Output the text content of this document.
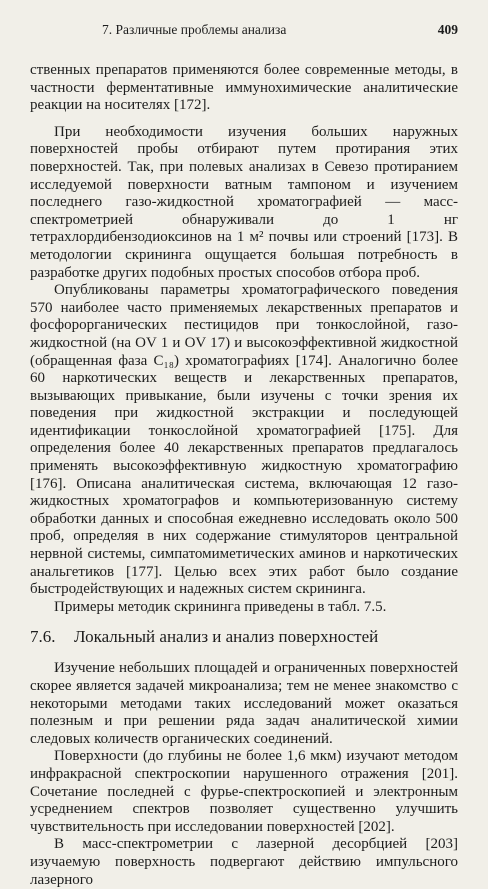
7. Различные проблемы анализа	409

ственных препаратов применяются более современные методы, в частности ферментативные иммунохимические аналитические реакции на носителях [172].

При необходимости изучения больших наружных поверхностей пробы отбирают путем протирания этих поверхностей. Так, при полевых анализах в Севезо протиранием исследуемой поверхности ватным тампоном и изучением последнего газо-жидкостной хроматографией — масс-спектрометрией обнаруживали до 1 нг тетрахлордибензодиоксинов на 1 м² почвы или строений [173]. В методологии скрининга ощущается большая потребность в разработке других подобных простых способов отбора проб.

Опубликованы параметры хроматографического поведения 570 наиболее часто применяемых лекарственных препаратов и фосфорорганических пестицидов при тонкослойной, газо-жидкостной (на OV 1 и OV 17) и высокоэффективной жидкостной (обращенная фаза C₁₈) хроматографиях [174]. Аналогично более 60 наркотических веществ и лекарственных препаратов, вызывающих привыкание, были изучены с точки зрения их поведения при жидкостной экстракции и последующей идентификации тонкослойной хроматографией [175]. Для определения более 40 лекарственных препаратов предлагалось применять высокоэффективную жидкостную хроматографию [176]. Описана аналитическая система, включающая 12 газо-жидкостных хроматографов и компьютеризованную систему обработки данных и способная ежедневно исследовать около 500 проб, определяя в них содержание стимуляторов центральной нервной системы, симпатомиметических аминов и наркотических анальгетиков [177]. Целью всех этих работ было создание быстродействующих и надежных систем скрининга.

Примеры методик скрининга приведены в табл. 7.5.

7.6. Локальный анализ и анализ поверхностей

Изучение небольших площадей и ограниченных поверхностей скорее является задачей микроанализа; тем не менее знакомство с некоторыми методами таких исследований может оказаться полезным и при решении ряда задач аналитической химии следовых количеств органических соединений.

Поверхности (до глубины не более 1,6 мкм) изучают методом инфракрасной спектроскопии нарушенного отражения [201]. Сочетание последней с фурье-спектроскопией и электронным усреднением спектров позволяет существенно улучшить чувствительность при исследовании поверхностей [202].

В масс-спектрометрии с лазерной десорбцией [203] изучаемую поверхность подвергают действию импульсного лазерного
